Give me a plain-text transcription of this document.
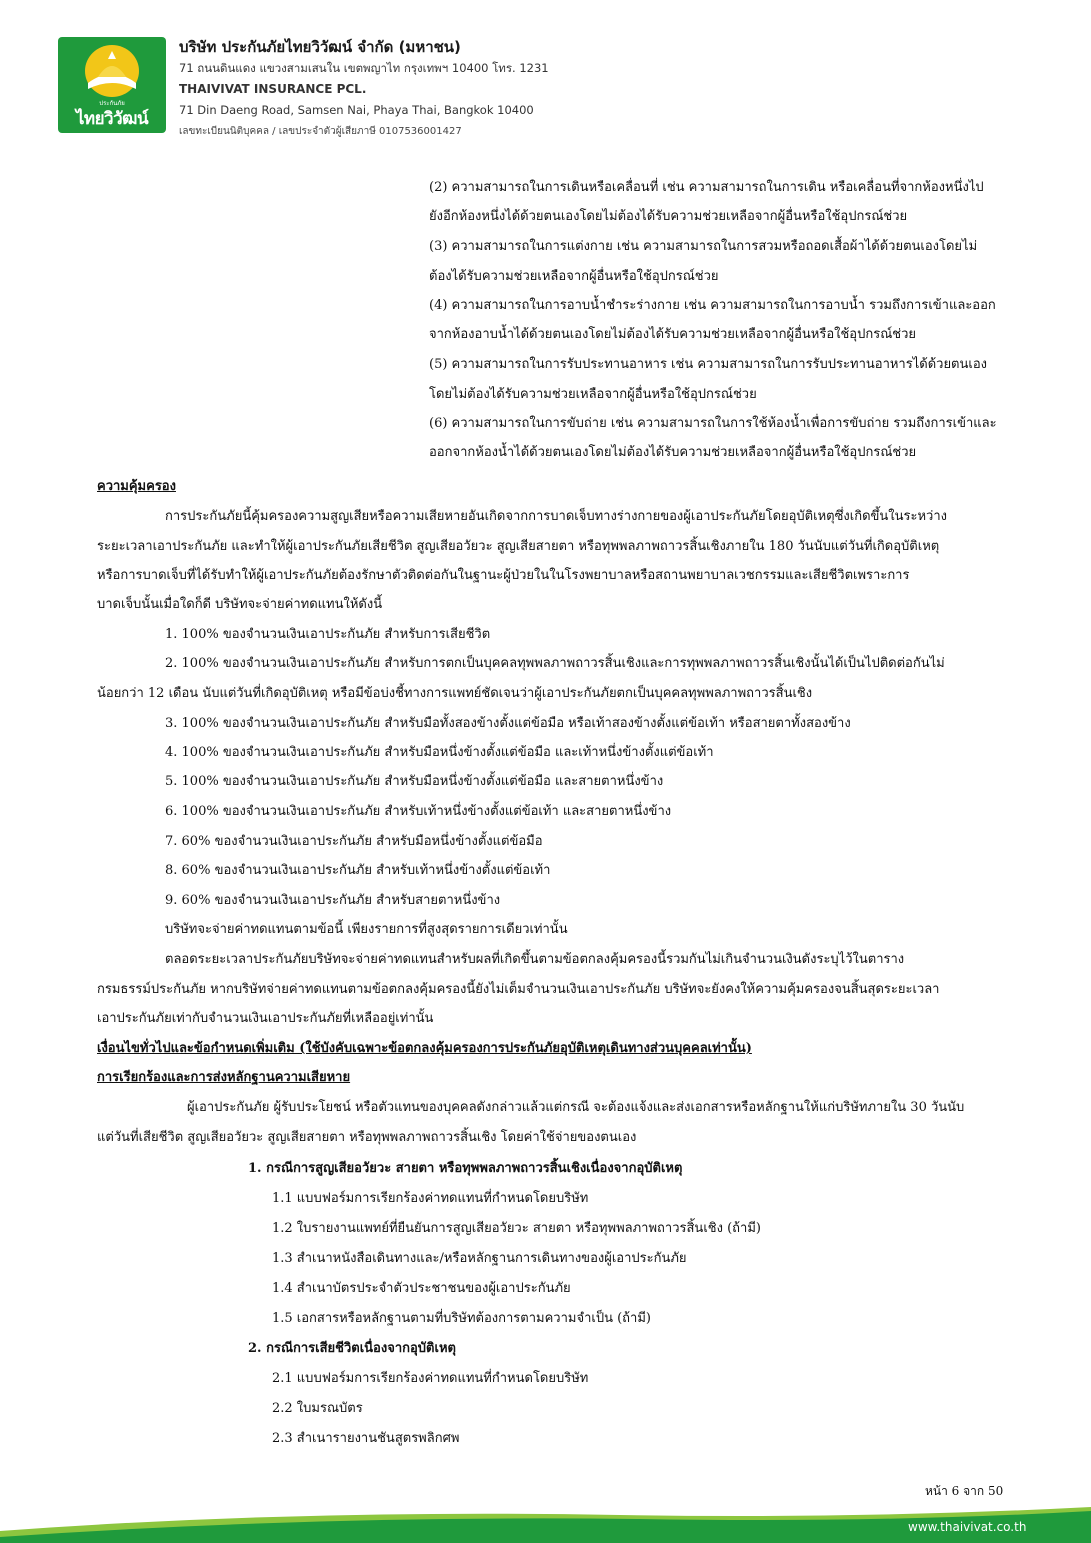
ประกันภัย
ไทยวิวัฒน์
บริษัท ประกันภัยไทยวิวัฒน์ จำกัด (มหาชน)
71 ถนนดินแดง แขวงสามเสนใน เขตพญาไท กรุงเทพฯ 10400 โทร. 1231
THAIVIVAT INSURANCE PCL.
71 Din Daeng Road, Samsen Nai, Phaya Thai, Bangkok 10400
เลขทะเบียนนิติบุคคล / เลขประจำตัวผู้เสียภาษี 0107536001427
(2) ความสามารถในการเดินหรือเคลื่อนที่ เช่น ความสามารถในการเดิน หรือเคลื่อนที่จากห้องหนึ่งไป
ยังอีกห้องหนึ่งได้ด้วยตนเองโดยไม่ต้องได้รับความช่วยเหลือจากผู้อื่นหรือใช้อุปกรณ์ช่วย
(3) ความสามารถในการแต่งกาย เช่น ความสามารถในการสวมหรือถอดเสื้อผ้าได้ด้วยตนเองโดยไม่
ต้องได้รับความช่วยเหลือจากผู้อื่นหรือใช้อุปกรณ์ช่วย
(4) ความสามารถในการอาบน้ำชำระร่างกาย เช่น ความสามารถในการอาบน้ำ รวมถึงการเข้าและออก
จากห้องอาบน้ำได้ด้วยตนเองโดยไม่ต้องได้รับความช่วยเหลือจากผู้อื่นหรือใช้อุปกรณ์ช่วย
(5) ความสามารถในการรับประทานอาหาร เช่น ความสามารถในการรับประทานอาหารได้ด้วยตนเอง
โดยไม่ต้องได้รับความช่วยเหลือจากผู้อื่นหรือใช้อุปกรณ์ช่วย
(6) ความสามารถในการขับถ่าย เช่น ความสามารถในการใช้ห้องน้ำเพื่อการขับถ่าย รวมถึงการเข้าและ
ออกจากห้องน้ำได้ด้วยตนเองโดยไม่ต้องได้รับความช่วยเหลือจากผู้อื่นหรือใช้อุปกรณ์ช่วย
ความคุ้มครอง
การประกันภัยนี้คุ้มครองความสูญเสียหรือความเสียหายอันเกิดจากการบาดเจ็บทางร่างกายของผู้เอาประกันภัยโดยอุบัติเหตุซึ่งเกิดขึ้นในระหว่าง
ระยะเวลาเอาประกันภัย และทำให้ผู้เอาประกันภัยเสียชีวิต สูญเสียอวัยวะ สูญเสียสายตา หรือทุพพลภาพถาวรสิ้นเชิงภายใน 180 วันนับแต่วันที่เกิดอุบัติเหตุ
หรือการบาดเจ็บที่ได้รับทำให้ผู้เอาประกันภัยต้องรักษาตัวติดต่อกันในฐานะผู้ป่วยในในโรงพยาบาลหรือสถานพยาบาลเวชกรรมและเสียชีวิตเพราะการ
บาดเจ็บนั้นเมื่อใดก็ดี บริษัทจะจ่ายค่าทดแทนให้ดังนี้
1. 100% ของจำนวนเงินเอาประกันภัย สำหรับการเสียชีวิต
2. 100% ของจำนวนเงินเอาประกันภัย สำหรับการตกเป็นบุคคลทุพพลภาพถาวรสิ้นเชิงและการทุพพลภาพถาวรสิ้นเชิงนั้นได้เป็นไปติดต่อกันไม่
น้อยกว่า 12 เดือน นับแต่วันที่เกิดอุบัติเหตุ หรือมีข้อบ่งชี้ทางการแพทย์ชัดเจนว่าผู้เอาประกันภัยตกเป็นบุคคลทุพพลภาพถาวรสิ้นเชิง
3. 100% ของจำนวนเงินเอาประกันภัย สำหรับมือทั้งสองข้างตั้งแต่ข้อมือ หรือเท้าสองข้างตั้งแต่ข้อเท้า หรือสายตาทั้งสองข้าง
4. 100% ของจำนวนเงินเอาประกันภัย สำหรับมือหนึ่งข้างตั้งแต่ข้อมือ และเท้าหนึ่งข้างตั้งแต่ข้อเท้า
5. 100% ของจำนวนเงินเอาประกันภัย สำหรับมือหนึ่งข้างตั้งแต่ข้อมือ และสายตาหนึ่งข้าง
6. 100% ของจำนวนเงินเอาประกันภัย สำหรับเท้าหนึ่งข้างตั้งแต่ข้อเท้า และสายตาหนึ่งข้าง
7. 60% ของจำนวนเงินเอาประกันภัย สำหรับมือหนึ่งข้างตั้งแต่ข้อมือ
8. 60% ของจำนวนเงินเอาประกันภัย สำหรับเท้าหนึ่งข้างตั้งแต่ข้อเท้า
9. 60% ของจำนวนเงินเอาประกันภัย สำหรับสายตาหนึ่งข้าง
บริษัทจะจ่ายค่าทดแทนตามข้อนี้ เพียงรายการที่สูงสุดรายการเดียวเท่านั้น
ตลอดระยะเวลาประกันภัยบริษัทจะจ่ายค่าทดแทนสำหรับผลที่เกิดขึ้นตามข้อตกลงคุ้มครองนี้รวมกันไม่เกินจำนวนเงินดังระบุไว้ในตาราง
กรมธรรม์ประกันภัย หากบริษัทจ่ายค่าทดแทนตามข้อตกลงคุ้มครองนี้ยังไม่เต็มจำนวนเงินเอาประกันภัย บริษัทจะยังคงให้ความคุ้มครองจนสิ้นสุดระยะเวลา
เอาประกันภัยเท่ากับจำนวนเงินเอาประกันภัยที่เหลืออยู่เท่านั้น
เงื่อนไขทั่วไปและข้อกำหนดเพิ่มเติม (ใช้บังคับเฉพาะข้อตกลงคุ้มครองการประกันภัยอุบัติเหตุเดินทางส่วนบุคคลเท่านั้น)
การเรียกร้องและการส่งหลักฐานความเสียหาย
ผู้เอาประกันภัย ผู้รับประโยชน์ หรือตัวแทนของบุคคลดังกล่าวแล้วแต่กรณี จะต้องแจ้งและส่งเอกสารหรือหลักฐานให้แก่บริษัทภายใน 30 วันนับ
แต่วันที่เสียชีวิต สูญเสียอวัยวะ สูญเสียสายตา หรือทุพพลภาพถาวรสิ้นเชิง โดยค่าใช้จ่ายของตนเอง
1. กรณีการสูญเสียอวัยวะ สายตา หรือทุพพลภาพถาวรสิ้นเชิงเนื่องจากอุบัติเหตุ
1.1 แบบฟอร์มการเรียกร้องค่าทดแทนที่กำหนดโดยบริษัท
1.2 ใบรายงานแพทย์ที่ยืนยันการสูญเสียอวัยวะ สายตา หรือทุพพลภาพถาวรสิ้นเชิง (ถ้ามี)
1.3 สำเนาหนังสือเดินทางและ/หรือหลักฐานการเดินทางของผู้เอาประกันภัย
1.4 สำเนาบัตรประจำตัวประชาชนของผู้เอาประกันภัย
1.5 เอกสารหรือหลักฐานตามที่บริษัทต้องการตามความจำเป็น (ถ้ามี)
2. กรณีการเสียชีวิตเนื่องจากอุบัติเหตุ
2.1 แบบฟอร์มการเรียกร้องค่าทดแทนที่กำหนดโดยบริษัท
2.2 ใบมรณบัตร
2.3 สำเนารายงานชันสูตรพลิกศพ
หน้า 6 จาก 50
www.thaivivat.co.th
